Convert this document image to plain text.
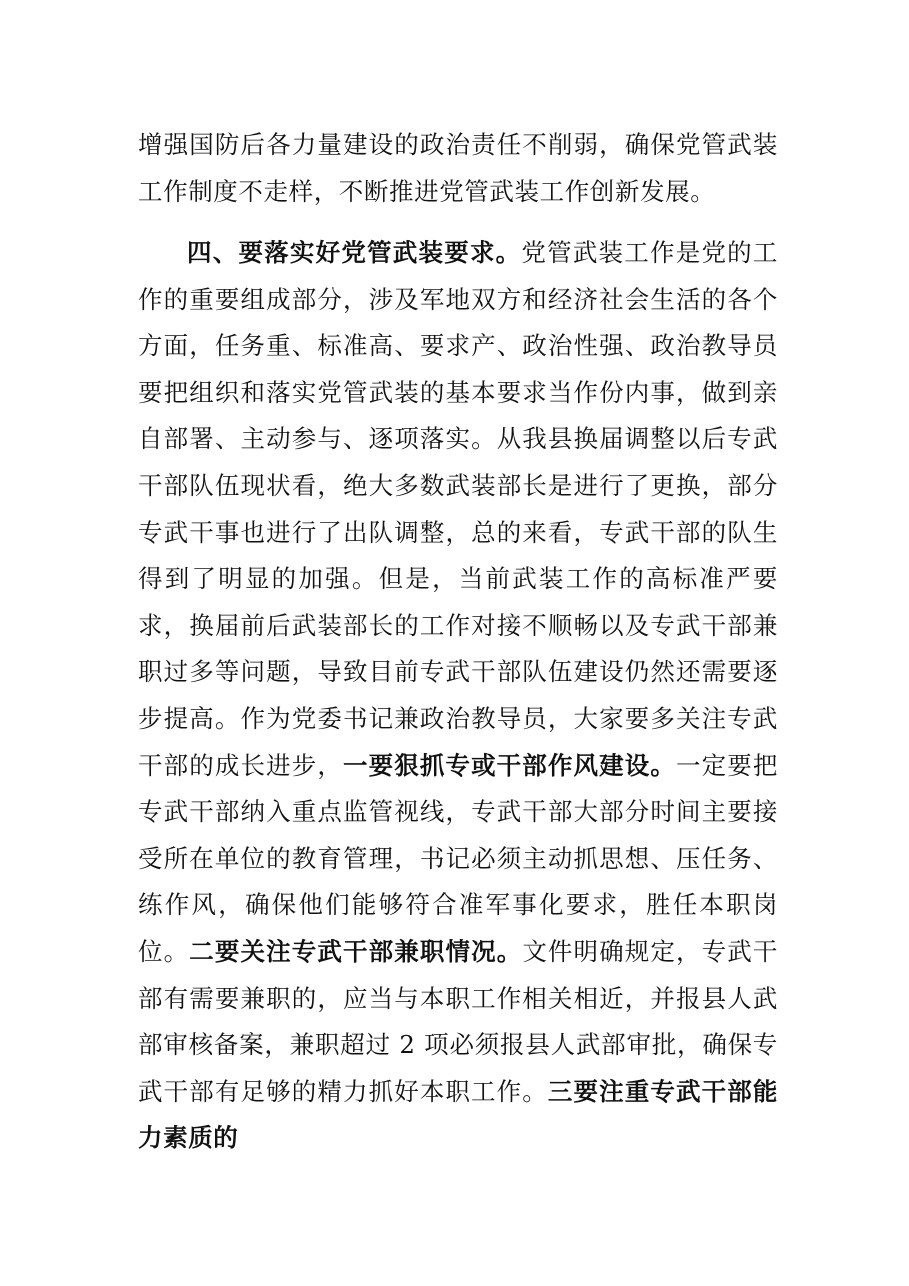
增强国防后各力量建设的政治责任不削弱，确保党管武装工作制度不走样，不断推进党管武装工作创新发展。

四、要落实好党管武装要求。党管武装工作是党的工作的重要组成部分，涉及军地双方和经济社会生活的各个方面，任务重、标准高、要求产、政治性强、政治教导员要把组织和落实党管武装的基本要求当作份内事，做到亲自部署、主动参与、逐项落实。从我县换届调整以后专武干部队伍现状看，绝大多数武装部长是进行了更换，部分专武干事也进行了出队调整，总的来看，专武干部的队生得到了明显的加强。但是，当前武装工作的高标准严要求，换届前后武装部长的工作对接不顺畅以及专武干部兼职过多等问题，导致目前专武干部队伍建设仍然还需要逐步提高。作为党委书记兼政治教导员，大家要多关注专武干部的成长进步，一要狠抓专或干部作风建设。一定要把专武干部纳入重点监管视线，专武干部大部分时间主要接受所在单位的教育管理，书记必须主动抓思想、压任务、练作风，确保他们能够符合准军事化要求，胜任本职岗位。二要关注专武干部兼职情况。文件明确规定，专武干部有需要兼职的，应当与本职工作相关相近，并报县人武部审核备案，兼职超过 2 项必须报县人武部审批，确保专武干部有足够的精力抓好本职工作。三要注重专武干部能力素质的
